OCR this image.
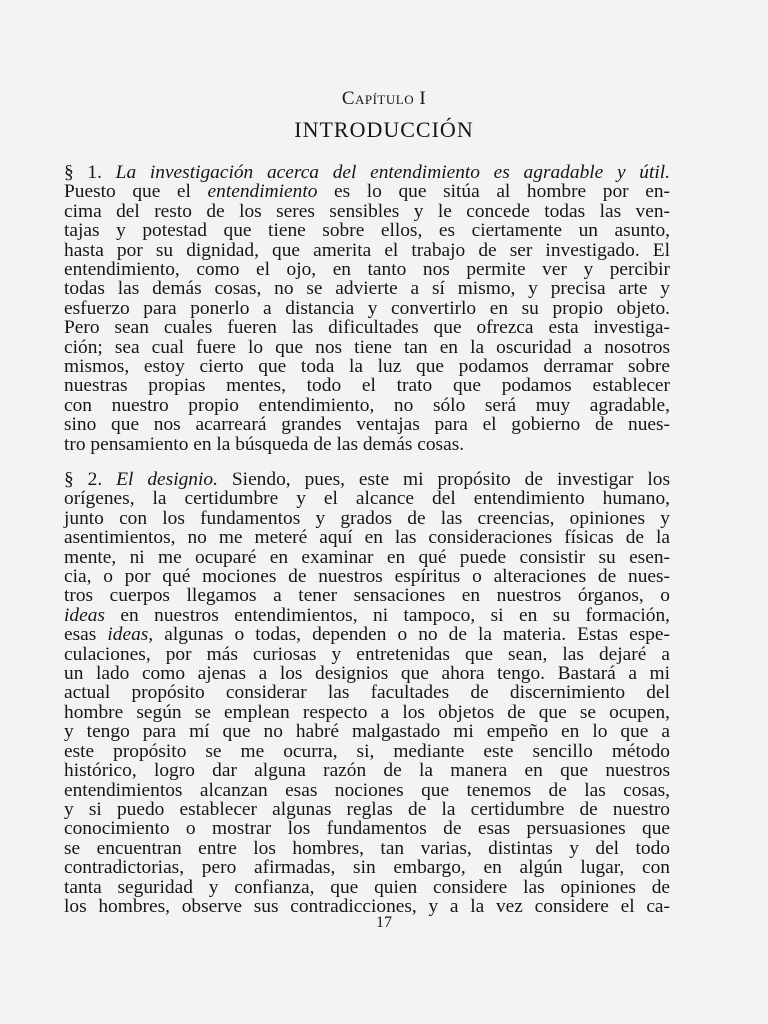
Capítulo I
INTRODUCCIÓN
§ 1. La investigación acerca del entendimiento es agradable y útil.
Puesto que el entendimiento es lo que sitúa al hombre por en-
cima del resto de los seres sensibles y le concede todas las ven-
tajas y potestad que tiene sobre ellos, es ciertamente un asunto,
hasta por su dignidad, que amerita el trabajo de ser investigado. El
entendimiento, como el ojo, en tanto nos permite ver y percibir
todas las demás cosas, no se advierte a sí mismo, y precisa arte y
esfuerzo para ponerlo a distancia y convertirlo en su propio objeto.
Pero sean cuales fueren las dificultades que ofrezca esta investiga-
ción; sea cual fuere lo que nos tiene tan en la oscuridad a nosotros
mismos, estoy cierto que toda la luz que podamos derramar sobre
nuestras propias mentes, todo el trato que podamos establecer
con nuestro propio entendimiento, no sólo será muy agradable,
sino que nos acarreará grandes ventajas para el gobierno de nues-
tro pensamiento en la búsqueda de las demás cosas.
§ 2. El designio. Siendo, pues, este mi propósito de investigar los
orígenes, la certidumbre y el alcance del entendimiento humano,
junto con los fundamentos y grados de las creencias, opiniones y
asentimientos, no me meteré aquí en las consideraciones físicas de la
mente, ni me ocuparé en examinar en qué puede consistir su esen-
cia, o por qué mociones de nuestros espíritus o alteraciones de nues-
tros cuerpos llegamos a tener sensaciones en nuestros órganos, o
ideas en nuestros entendimientos, ni tampoco, si en su formación,
esas ideas, algunas o todas, dependen o no de la materia. Estas espe-
culaciones, por más curiosas y entretenidas que sean, las dejaré a
un lado como ajenas a los designios que ahora tengo. Bastará a mi
actual propósito considerar las facultades de discernimiento del
hombre según se emplean respecto a los objetos de que se ocupen,
y tengo para mí que no habré malgastado mi empeño en lo que a
este propósito se me ocurra, si, mediante este sencillo método
histórico, logro dar alguna razón de la manera en que nuestros
entendimientos alcanzan esas nociones que tenemos de las cosas,
y si puedo establecer algunas reglas de la certidumbre de nuestro
conocimiento o mostrar los fundamentos de esas persuasiones que
se encuentran entre los hombres, tan varias, distintas y del todo
contradictorias, pero afirmadas, sin embargo, en algún lugar, con
tanta seguridad y confianza, que quien considere las opiniones de
los hombres, observe sus contradicciones, y a la vez considere el ca-
17
